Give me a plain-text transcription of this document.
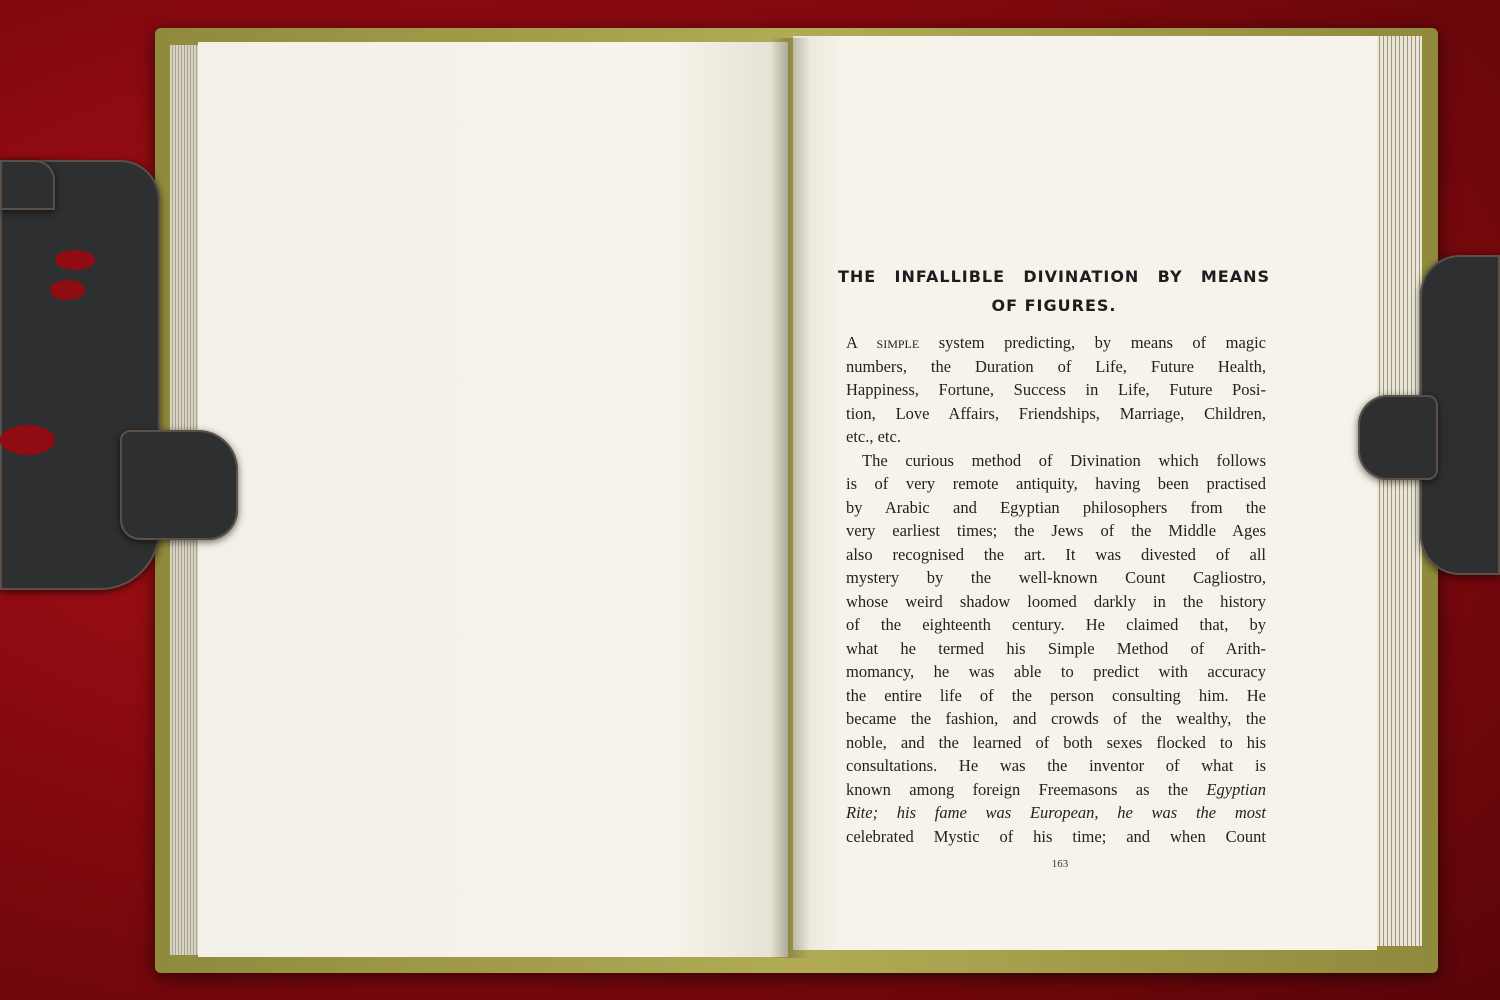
THE INFALLIBLE DIVINATION BY MEANS
OF FIGURES.
A simple system predicting, by means of magic
numbers, the Duration of Life, Future Health,
Happiness, Fortune, Success in Life, Future Posi-
tion, Love Affairs, Friendships, Marriage, Children,
etc., etc.
The curious method of Divination which follows
is of very remote antiquity, having been practised
by Arabic and Egyptian philosophers from the
very earliest times; the Jews of the Middle Ages
also recognised the art. It was divested of all
mystery by the well-known Count Cagliostro,
whose weird shadow loomed darkly in the history
of the eighteenth century. He claimed that, by
what he termed his Simple Method of Arith-
momancy, he was able to predict with accuracy
the entire life of the person consulting him. He
became the fashion, and crowds of the wealthy, the
noble, and the learned of both sexes flocked to his
consultations. He was the inventor of what is
known among foreign Freemasons as the Egyptian
Rite; his fame was European, he was the most
celebrated Mystic of his time; and when Count
163
